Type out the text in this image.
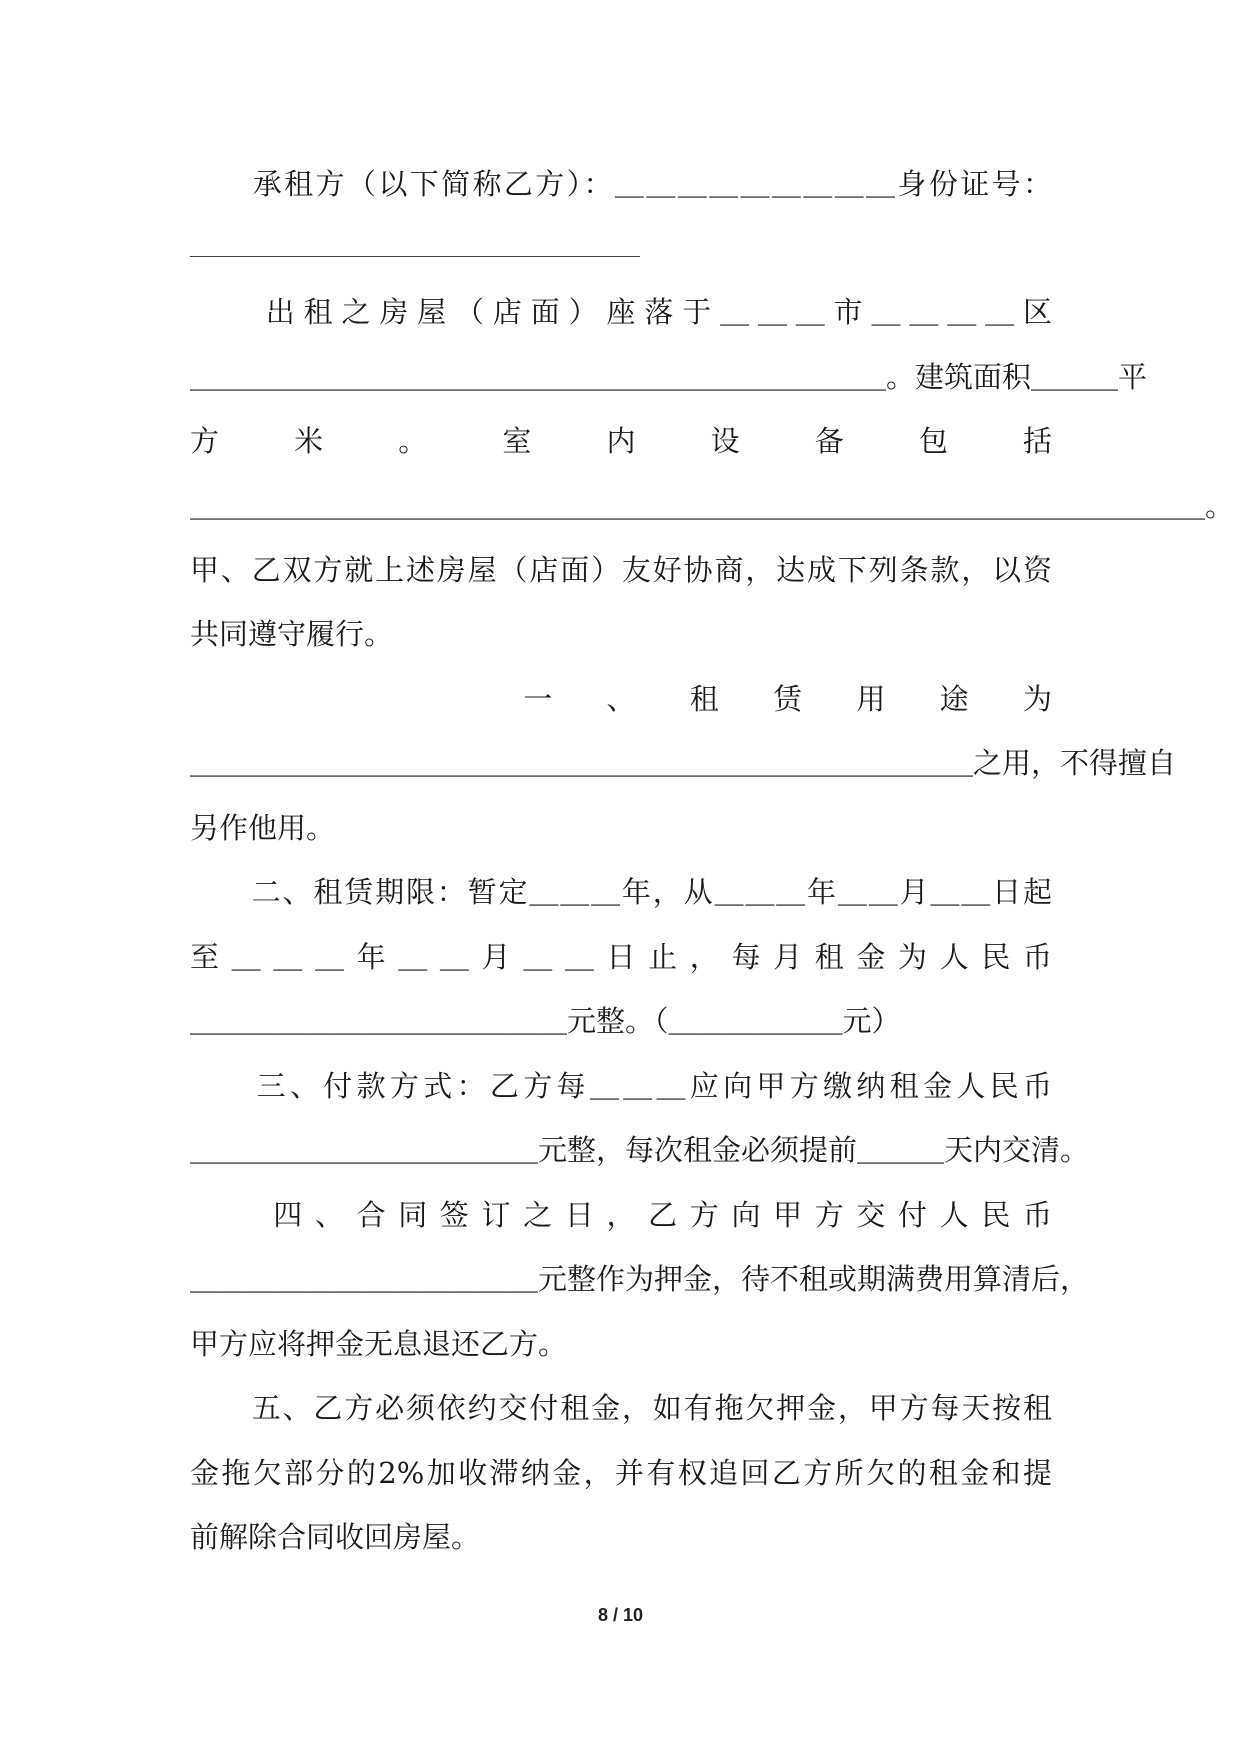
　　承租方（以下简称乙方）：＿＿＿＿＿＿＿＿＿身份证号：
　　出租之房屋（店面）座落于＿＿＿市＿＿＿＿区
＿＿＿＿＿＿＿＿＿＿＿＿＿＿＿＿＿＿＿＿＿＿＿＿。建筑面积＿＿＿平
方米。室内设备包括
＿＿＿＿＿＿＿＿＿＿＿＿＿＿＿＿＿＿＿＿＿＿＿＿＿＿＿＿＿＿＿＿＿＿＿。
甲、乙双方就上述房屋（店面）友好协商，达成下列条款，以资
共同遵守履行。
　　　　一、租赁用途为
＿＿＿＿＿＿＿＿＿＿＿＿＿＿＿＿＿＿＿＿＿＿＿＿＿＿＿之用，不得擅自
另作他用。
　　二、租赁期限：暂定＿＿＿年，从＿＿＿年＿＿月＿＿日起
至＿＿＿年＿＿月＿＿日止，每月租金为人民币
＿＿＿＿＿＿＿＿＿＿＿＿＿元整。（＿＿＿＿＿＿元）
　　三、付款方式：乙方每＿＿＿应向甲方缴纳租金人民币
＿＿＿＿＿＿＿＿＿＿＿＿元整，每次租金必须提前＿＿＿天内交清。
　　四、合同签订之日，乙方向甲方交付人民币
＿＿＿＿＿＿＿＿＿＿＿＿元整作为押金，待不租或期满费用算清后，
甲方应将押金无息退还乙方。
　　五、乙方必须依约交付租金，如有拖欠押金，甲方每天按租
金拖欠部分的2%加收滞纳金，并有权追回乙方所欠的租金和提
前解除合同收回房屋。
8 / 10
